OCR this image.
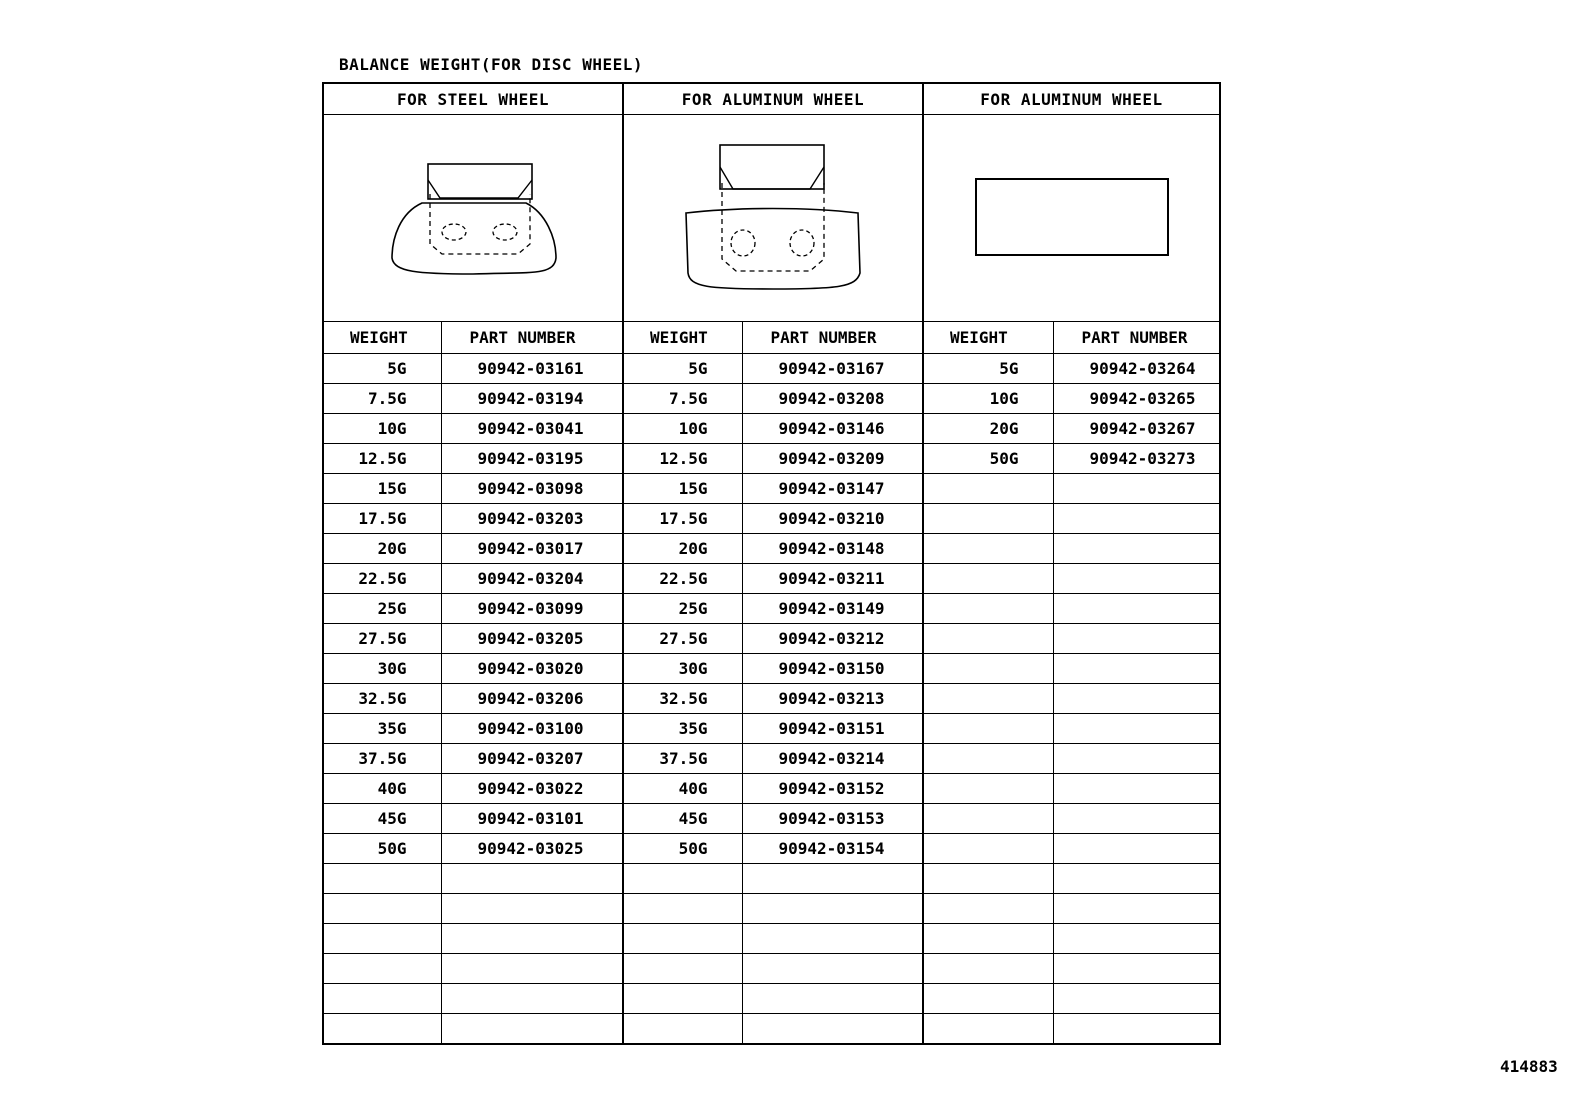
BALANCE WEIGHT(FOR DISC WHEEL)
FOR STEEL WHEEL		FOR ALUMINUM WHEEL		FOR ALUMINUM WHEEL	

WEIGHT	PART NUMBER	WEIGHT	PART NUMBER	WEIGHT	PART NUMBER
5G	90942-03161	5G	90942-03167	5G	90942-03264
7.5G	90942-03194	7.5G	90942-03208	10G	90942-03265
10G	90942-03041	10G	90942-03146	20G	90942-03267
12.5G	90942-03195	12.5G	90942-03209	50G	90942-03273
15G	90942-03098	15G	90942-03147		
17.5G	90942-03203	17.5G	90942-03210		
20G	90942-03017	20G	90942-03148		
22.5G	90942-03204	22.5G	90942-03211		
25G	90942-03099	25G	90942-03149		
27.5G	90942-03205	27.5G	90942-03212		
30G	90942-03020	30G	90942-03150		
32.5G	90942-03206	32.5G	90942-03213		
35G	90942-03100	35G	90942-03151		
37.5G	90942-03207	37.5G	90942-03214		
40G	90942-03022	40G	90942-03152		
45G	90942-03101	45G	90942-03153		
50G	90942-03025	50G	90942-03154		

414883
